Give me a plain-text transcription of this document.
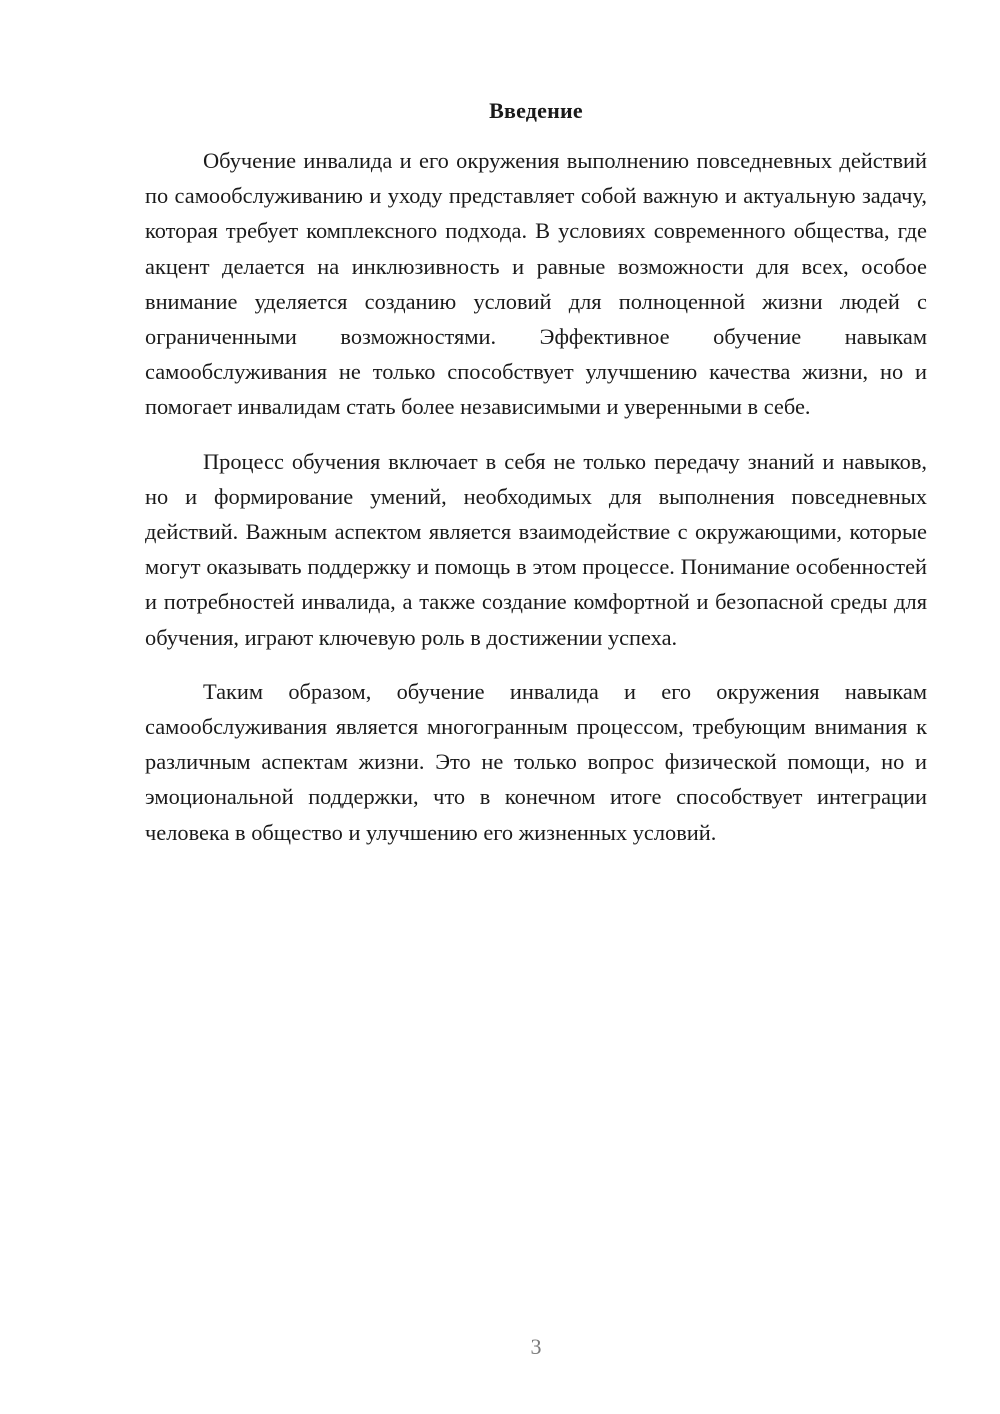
Введение

Обучение инвалида и его окружения выполнению повседневных действий по самообслуживанию и уходу представляет собой важную и актуальную задачу, которая требует комплексного подхода. В условиях современного общества, где акцент делается на инклюзивность и равные возможности для всех, особое внимание уделяется созданию условий для полноценной жизни людей с ограниченными возможностями. Эффективное обучение навыкам самообслуживания не только способствует улучшению качества жизни, но и помогает инвалидам стать более независимыми и уверенными в себе.

Процесс обучения включает в себя не только передачу знаний и навыков, но и формирование умений, необходимых для выполнения повседневных действий. Важным аспектом является взаимодействие с окружающими, которые могут оказывать поддержку и помощь в этом процессе. Понимание особенностей и потребностей инвалида, а также создание комфортной и безопасной среды для обучения, играют ключевую роль в достижении успеха.

Таким образом, обучение инвалида и его окружения навыкам самообслуживания является многогранным процессом, требующим внимания к различным аспектам жизни. Это не только вопрос физической помощи, но и эмоциональной поддержки, что в конечном итоге способствует интеграции человека в общество и улучшению его жизненных условий.

3
